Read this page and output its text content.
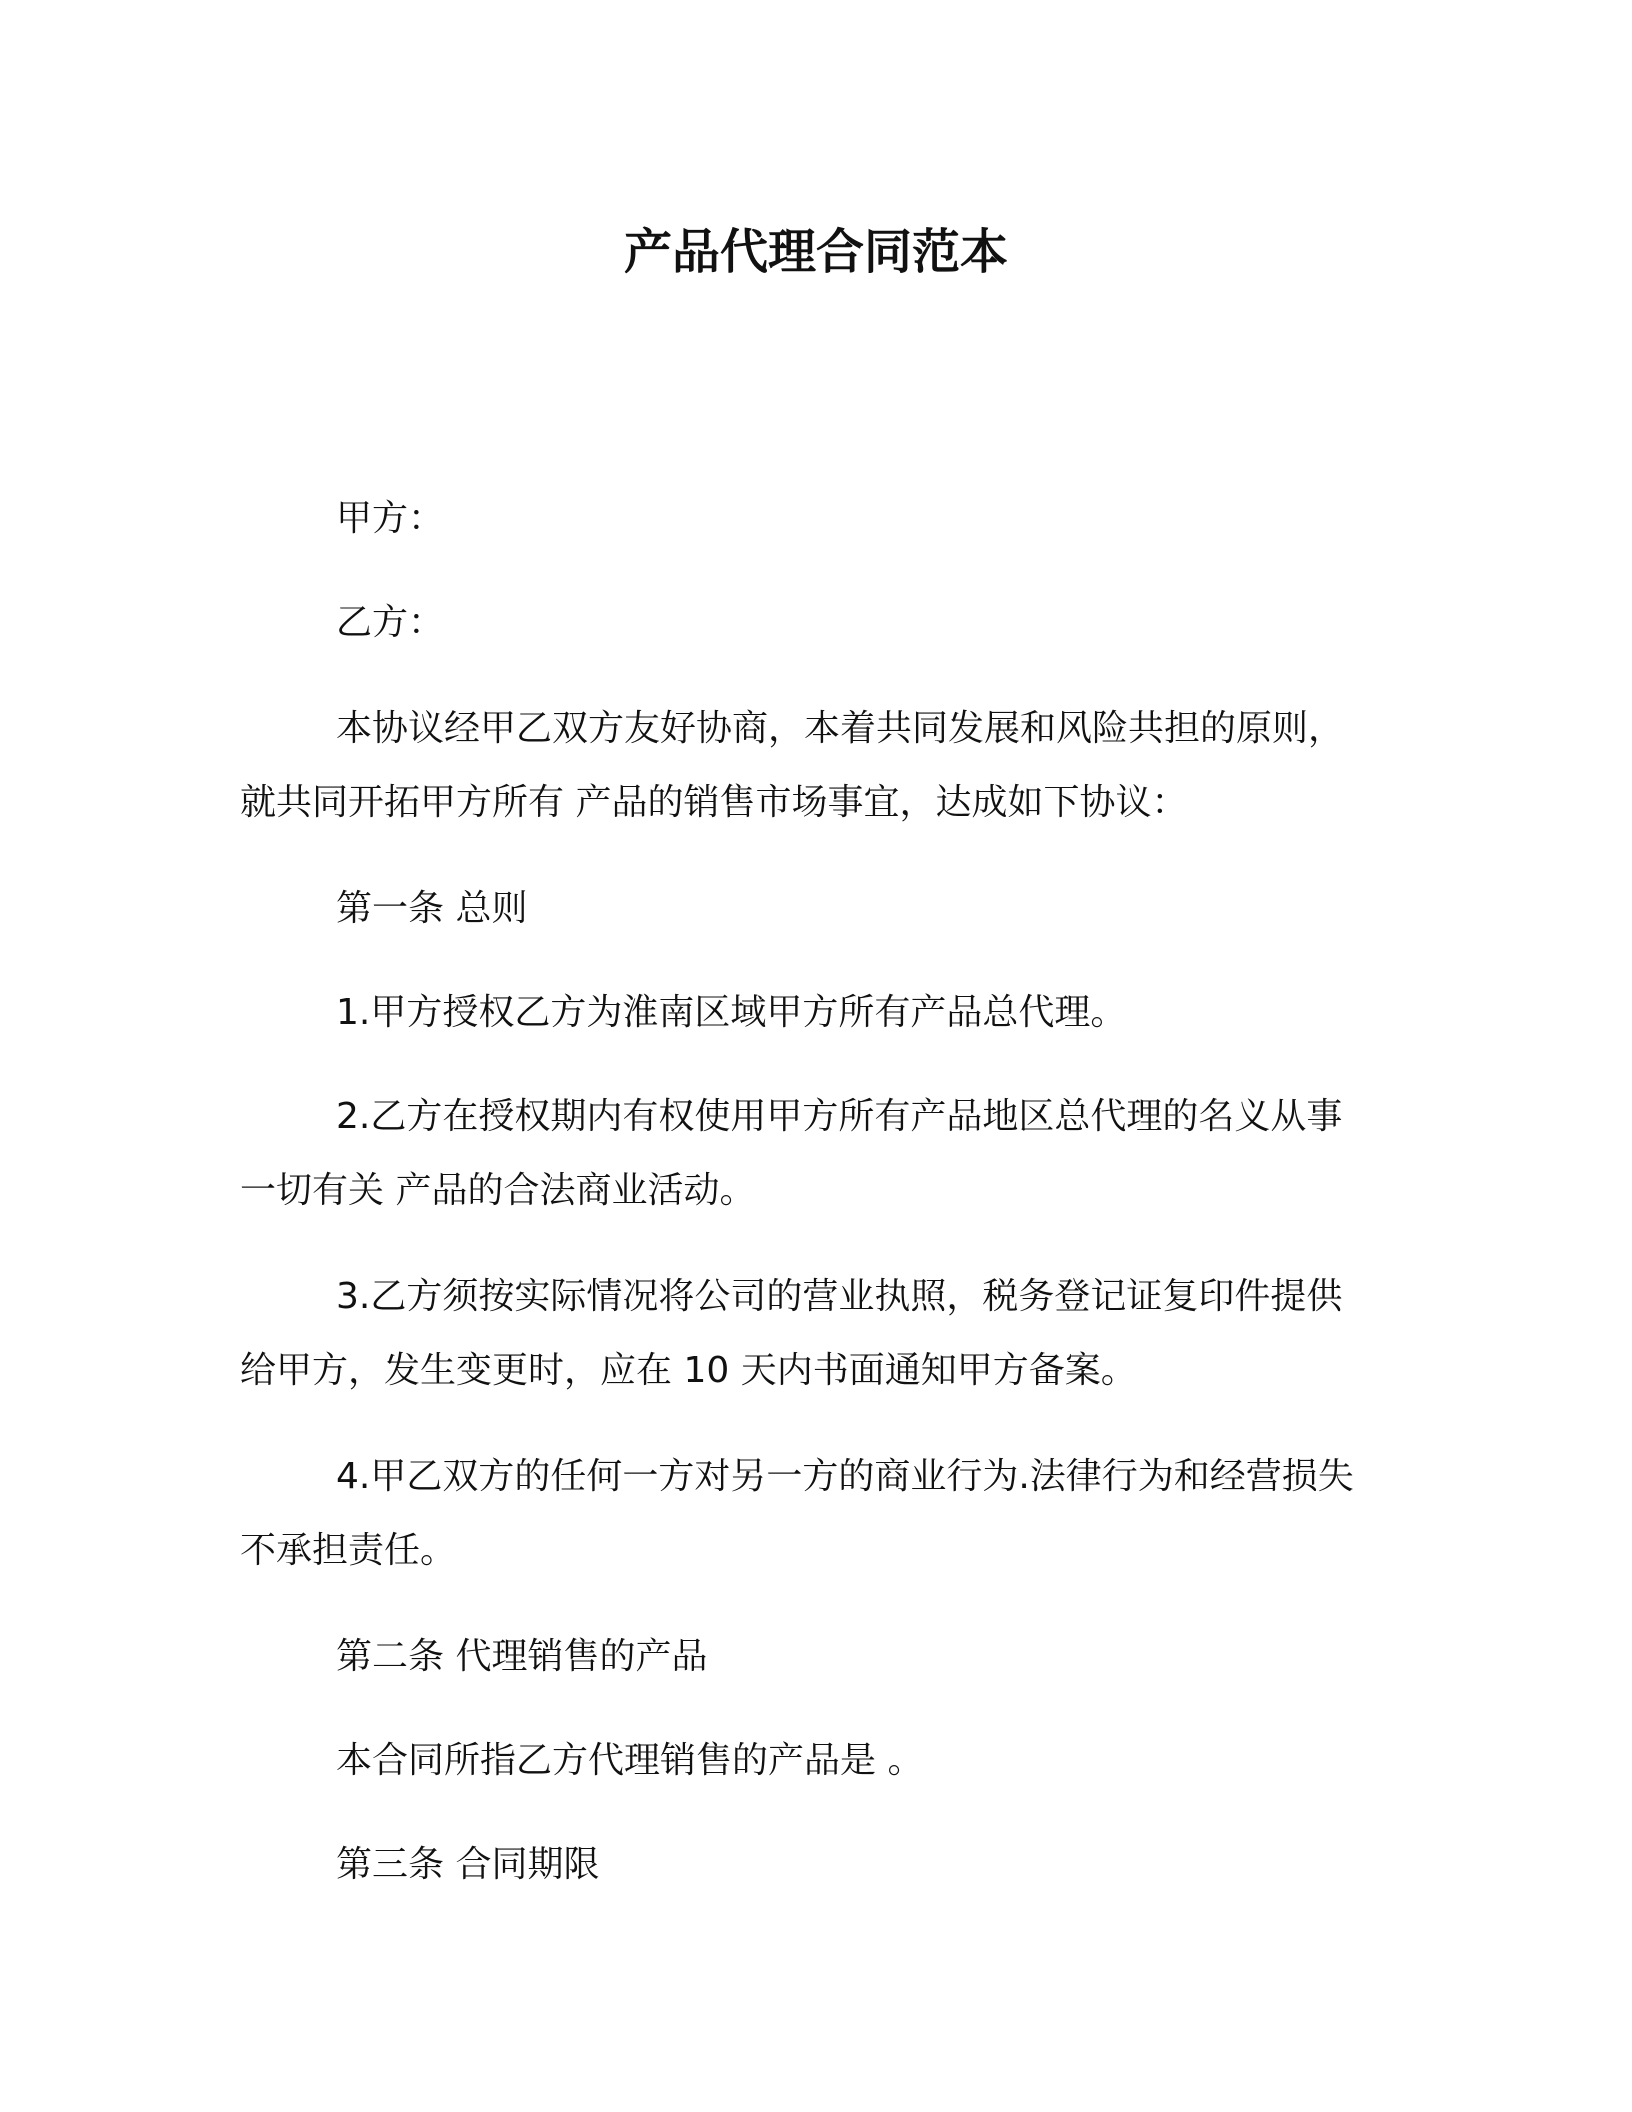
产品代理合同范本

甲方：

乙方：

本协议经甲乙双方友好协商，本着共同发展和风险共担的原则，
就共同开拓甲方所有 产品的销售市场事宜，达成如下协议：

第一条 总则

1.甲方授权乙方为淮南区域甲方所有产品总代理。

2.乙方在授权期内有权使用甲方所有产品地区总代理的名义从事
一切有关 产品的合法商业活动。

3.乙方须按实际情况将公司的营业执照，税务登记证复印件提供
给甲方，发生变更时，应在 10 天内书面通知甲方备案。

4.甲乙双方的任何一方对另一方的商业行为.法律行为和经营损失
不承担责任。

第二条 代理销售的产品

本合同所指乙方代理销售的产品是 。

第三条 合同期限
